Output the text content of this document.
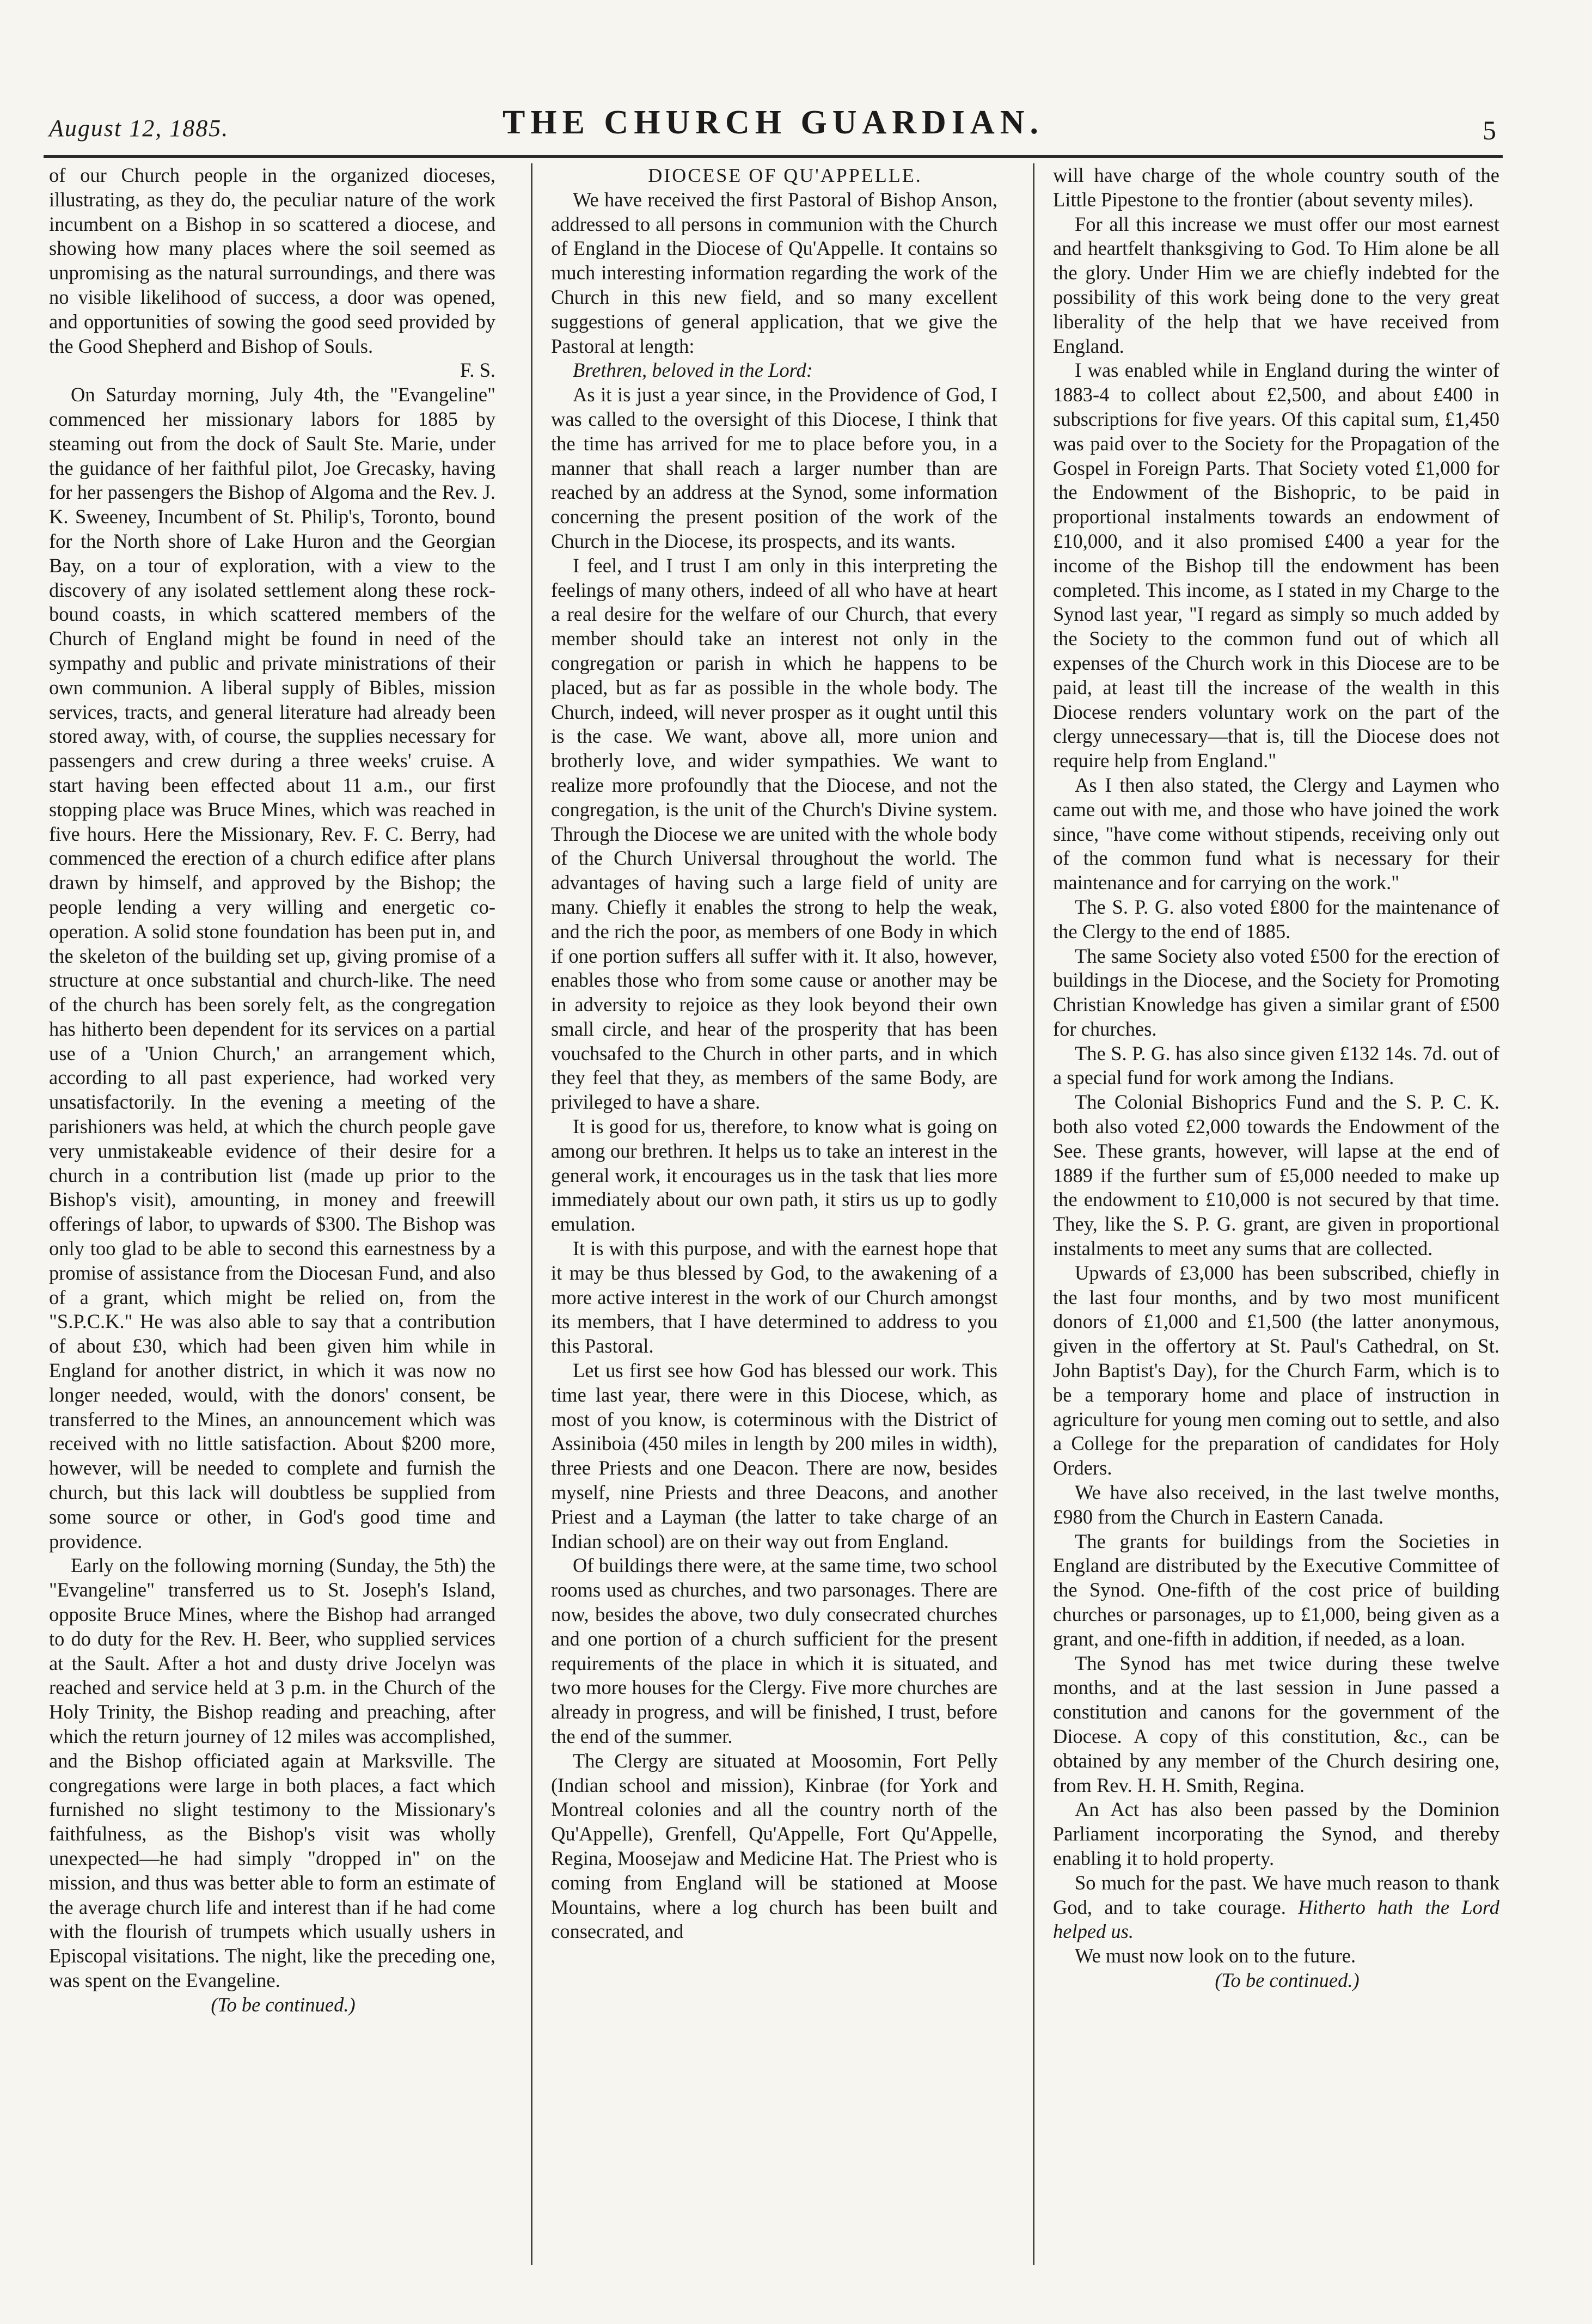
August 12, 1885.	THE CHURCH GUARDIAN.	5

of our Church people in the organized dioceses, illustrating, as they do, the peculiar nature of the work incumbent on a Bishop in so scattered a diocese, and showing how many places where the soil seemed as unpromising as the natural surroundings, and there was no visible likelihood of success, a door was opened, and opportunities of sowing the good seed provided by the Good Shepherd and Bishop of Souls.

F. S.

On Saturday morning, July 4th, the "Evangeline" commenced her missionary labors for 1885 by steaming out from the dock of Sault Ste. Marie, under the guidance of her faithful pilot, Joe Grecasky, having for her passengers the Bishop of Algoma and the Rev. J. K. Sweeney, Incumbent of St. Philip's, Toronto, bound for the North shore of Lake Huron and the Georgian Bay, on a tour of exploration, with a view to the discovery of any isolated settlement along these rock-bound coasts, in which scattered members of the Church of England might be found in need of the sympathy and public and private ministrations of their own communion. A liberal supply of Bibles, mission services, tracts, and general literature had already been stored away, with, of course, the supplies necessary for passengers and crew during a three weeks' cruise. A start having been effected about 11 a.m., our first stopping place was Bruce Mines, which was reached in five hours. Here the Missionary, Rev. F. C. Berry, had commenced the erection of a church edifice after plans drawn by himself, and approved by the Bishop; the people lending a very willing and energetic co-operation. A solid stone foundation has been put in, and the skeleton of the building set up, giving promise of a structure at once substantial and church-like. The need of the church has been sorely felt, as the congregation has hitherto been dependent for its services on a partial use of a 'Union Church,' an arrangement which, according to all past experience, had worked very unsatisfactorily. In the evening a meeting of the parishioners was held, at which the church people gave very unmistakeable evidence of their desire for a church in a contribution list (made up prior to the Bishop's visit), amounting, in money and freewill offerings of labor, to upwards of $300. The Bishop was only too glad to be able to second this earnestness by a promise of assistance from the Diocesan Fund, and also of a grant, which might be relied on, from the "S.P.C.K." He was also able to say that a contribution of about £30, which had been given him while in England for another district, in which it was now no longer needed, would, with the donors' consent, be transferred to the Mines, an announcement which was received with no little satisfaction. About $200 more, however, will be needed to complete and furnish the church, but this lack will doubtless be supplied from some source or other, in God's good time and providence.

Early on the following morning (Sunday, the 5th) the "Evangeline" transferred us to St. Joseph's Island, opposite Bruce Mines, where the Bishop had arranged to do duty for the Rev. H. Beer, who supplied services at the Sault. After a hot and dusty drive Jocelyn was reached and service held at 3 p.m. in the Church of the Holy Trinity, the Bishop reading and preaching, after which the return journey of 12 miles was accomplished, and the Bishop officiated again at Marksville. The congregations were large in both places, a fact which furnished no slight testimony to the Missionary's faithfulness, as the Bishop's visit was wholly unexpected—he had simply "dropped in" on the mission, and thus was better able to form an estimate of the average church life and interest than if he had come with the flourish of trumpets which usually ushers in Episcopal visitations. The night, like the preceding one, was spent on the Evangeline.

(To be continued.)

DIOCESE OF QU'APPELLE.

We have received the first Pastoral of Bishop Anson, addressed to all persons in communion with the Church of England in the Diocese of Qu'Appelle. It contains so much interesting information regarding the work of the Church in this new field, and so many excellent suggestions of general application, that we give the Pastoral at length:

Brethren, beloved in the Lord:

As it is just a year since, in the Providence of God, I was called to the oversight of this Diocese, I think that the time has arrived for me to place before you, in a manner that shall reach a larger number than are reached by an address at the Synod, some information concerning the present position of the work of the Church in the Diocese, its prospects, and its wants.

I feel, and I trust I am only in this interpreting the feelings of many others, indeed of all who have at heart a real desire for the welfare of our Church, that every member should take an interest not only in the congregation or parish in which he happens to be placed, but as far as possible in the whole body. The Church, indeed, will never prosper as it ought until this is the case. We want, above all, more union and brotherly love, and wider sympathies. We want to realize more profoundly that the Diocese, and not the congregation, is the unit of the Church's Divine system. Through the Diocese we are united with the whole body of the Church Universal throughout the world. The advantages of having such a large field of unity are many. Chiefly it enables the strong to help the weak, and the rich the poor, as members of one Body in which if one portion suffers all suffer with it. It also, however, enables those who from some cause or another may be in adversity to rejoice as they look beyond their own small circle, and hear of the prosperity that has been vouchsafed to the Church in other parts, and in which they feel that they, as members of the same Body, are privileged to have a share.

It is good for us, therefore, to know what is going on among our brethren. It helps us to take an interest in the general work, it encourages us in the task that lies more immediately about our own path, it stirs us up to godly emulation.

It is with this purpose, and with the earnest hope that it may be thus blessed by God, to the awakening of a more active interest in the work of our Church amongst its members, that I have determined to address to you this Pastoral.

Let us first see how God has blessed our work. This time last year, there were in this Diocese, which, as most of you know, is coterminous with the District of Assiniboia (450 miles in length by 200 miles in width), three Priests and one Deacon. There are now, besides myself, nine Priests and three Deacons, and another Priest and a Layman (the latter to take charge of an Indian school) are on their way out from England.

Of buildings there were, at the same time, two school rooms used as churches, and two parsonages. There are now, besides the above, two duly consecrated churches and one portion of a church sufficient for the present requirements of the place in which it is situated, and two more houses for the Clergy. Five more churches are already in progress, and will be finished, I trust, before the end of the summer.

The Clergy are situated at Moosomin, Fort Pelly (Indian school and mission), Kinbrae (for York and Montreal colonies and all the country north of the Qu'Appelle), Grenfell, Qu'Appelle, Fort Qu'Appelle, Regina, Moosejaw and Medicine Hat. The Priest who is coming from England will be stationed at Moose Mountains, where a log church has been built and consecrated, and

will have charge of the whole country south of the Little Pipestone to the frontier (about seventy miles).

For all this increase we must offer our most earnest and heartfelt thanksgiving to God. To Him alone be all the glory. Under Him we are chiefly indebted for the possibility of this work being done to the very great liberality of the help that we have received from England.

I was enabled while in England during the winter of 1883-4 to collect about £2,500, and about £400 in subscriptions for five years. Of this capital sum, £1,450 was paid over to the Society for the Propagation of the Gospel in Foreign Parts. That Society voted £1,000 for the Endowment of the Bishopric, to be paid in proportional instalments towards an endowment of £10,000, and it also promised £400 a year for the income of the Bishop till the endowment has been completed. This income, as I stated in my Charge to the Synod last year, "I regard as simply so much added by the Society to the common fund out of which all expenses of the Church work in this Diocese are to be paid, at least till the increase of the wealth in this Diocese renders voluntary work on the part of the clergy unnecessary—that is, till the Diocese does not require help from England."

As I then also stated, the Clergy and Laymen who came out with me, and those who have joined the work since, "have come without stipends, receiving only out of the common fund what is necessary for their maintenance and for carrying on the work."

The S. P. G. also voted £800 for the maintenance of the Clergy to the end of 1885.

The same Society also voted £500 for the erection of buildings in the Diocese, and the Society for Promoting Christian Knowledge has given a similar grant of £500 for churches.

The S. P. G. has also since given £132 14s. 7d. out of a special fund for work among the Indians.

The Colonial Bishoprics Fund and the S. P. C. K. both also voted £2,000 towards the Endowment of the See. These grants, however, will lapse at the end of 1889 if the further sum of £5,000 needed to make up the endowment to £10,000 is not secured by that time. They, like the S. P. G. grant, are given in proportional instalments to meet any sums that are collected.

Upwards of £3,000 has been subscribed, chiefly in the last four months, and by two most munificent donors of £1,000 and £1,500 (the latter anonymous, given in the offertory at St. Paul's Cathedral, on St. John Baptist's Day), for the Church Farm, which is to be a temporary home and place of instruction in agriculture for young men coming out to settle, and also a College for the preparation of candidates for Holy Orders.

We have also received, in the last twelve months, £980 from the Church in Eastern Canada.

The grants for buildings from the Societies in England are distributed by the Executive Committee of the Synod. One-fifth of the cost price of building churches or parsonages, up to £1,000, being given as a grant, and one-fifth in addition, if needed, as a loan.

The Synod has met twice during these twelve months, and at the last session in June passed a constitution and canons for the government of the Diocese. A copy of this constitution, &c., can be obtained by any member of the Church desiring one, from Rev. H. H. Smith, Regina.

An Act has also been passed by the Dominion Parliament incorporating the Synod, and thereby enabling it to hold property.

So much for the past. We have much reason to thank God, and to take courage. Hitherto hath the Lord helped us.

We must now look on to the future.

(To be continued.)
